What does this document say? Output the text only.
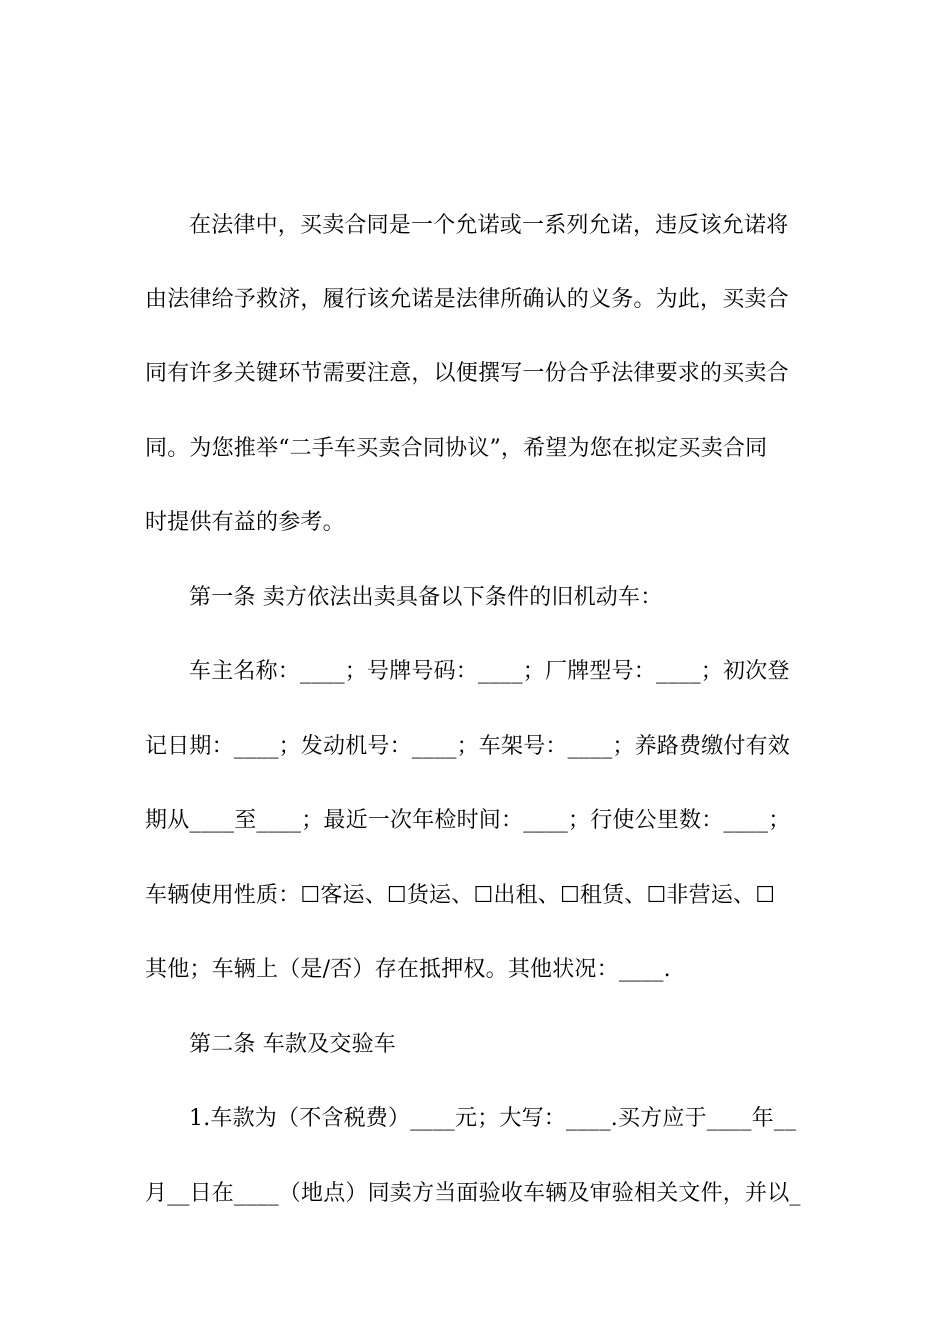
在法律中，买卖合同是一个允诺或一系列允诺，违反该允诺将
由法律给予救济，履行该允诺是法律所确认的义务。为此，买卖合
同有许多关键环节需要注意，以便撰写一份合乎法律要求的买卖合
同。为您推举“二手车买卖合同协议”，希望为您在拟定买卖合同
时提供有益的参考。
第一条 卖方依法出卖具备以下条件的旧机动车：
车主名称：____；号牌号码：____；厂牌型号：____；初次登
记日期：____；发动机号：____；车架号：____；养路费缴付有效
期从____至____；最近一次年检时间：____；行使公里数：____；
车辆使用性质：☐客运、☐货运、☐出租、☐租赁、☐非营运、☐
其他；车辆上（是/否）存在抵押权。其他状况：____.
第二条 车款及交验车
1.车款为（不含税费）____元；大写：____.买方应于____年__
月__日在____（地点）同卖方当面验收车辆及审验相关文件，并以_
